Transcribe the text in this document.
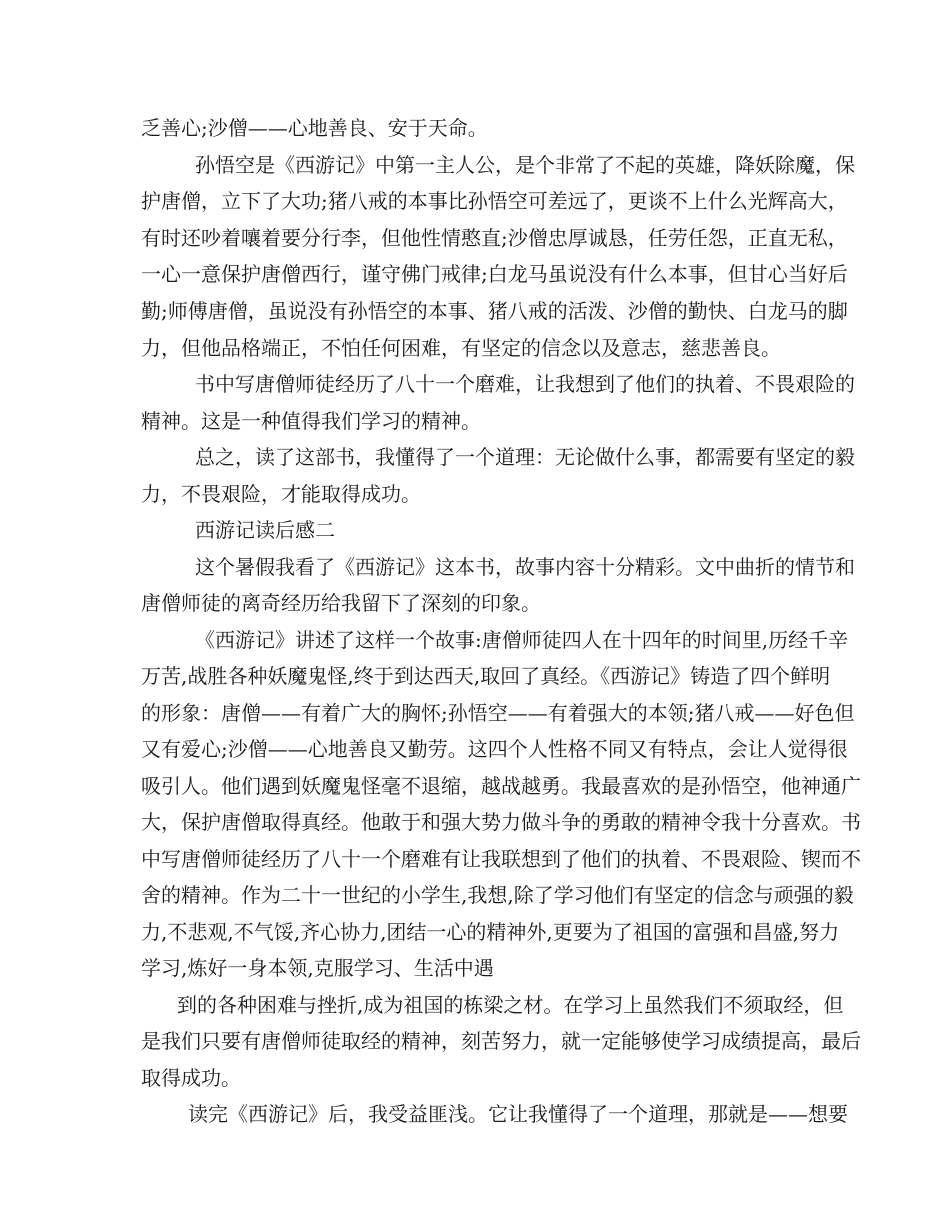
乏善心;沙僧——心地善良、安于天命。
孙悟空是《西游记》中第一主人公，是个非常了不起的英雄，降妖除魔，保
护唐僧，立下了大功;猪八戒的本事比孙悟空可差远了，更谈不上什么光辉高大，
有时还吵着嚷着要分行李，但他性情憨直;沙僧忠厚诚恳，任劳任怨，正直无私，
一心一意保护唐僧西行，谨守佛门戒律;白龙马虽说没有什么本事，但甘心当好后
勤;师傅唐僧，虽说没有孙悟空的本事、猪八戒的活泼、沙僧的勤快、白龙马的脚
力，但他品格端正，不怕任何困难，有坚定的信念以及意志，慈悲善良。
书中写唐僧师徒经历了八十一个磨难，让我想到了他们的执着、不畏艰险的
精神。这是一种值得我们学习的精神。
总之，读了这部书，我懂得了一个道理：无论做什么事，都需要有坚定的毅
力，不畏艰险，才能取得成功。
西游记读后感二
这个暑假我看了《西游记》这本书，故事内容十分精彩。文中曲折的情节和
唐僧师徒的离奇经历给我留下了深刻的印象。
《西游记》讲述了这样一个故事:唐僧师徒四人在十四年的时间里,历经千辛
万苦,战胜各种妖魔鬼怪,终于到达西天,取回了真经。《西游记》铸造了四个鲜明
的形象：唐僧——有着广大的胸怀;孙悟空——有着强大的本领;猪八戒——好色但
又有爱心;沙僧——心地善良又勤劳。这四个人性格不同又有特点，会让人觉得很
吸引人。他们遇到妖魔鬼怪毫不退缩，越战越勇。我最喜欢的是孙悟空，他神通广
大，保护唐僧取得真经。他敢于和强大势力做斗争的勇敢的精神令我十分喜欢。书
中写唐僧师徒经历了八十一个磨难有让我联想到了他们的执着、不畏艰险、锲而不
舍的精神。作为二十一世纪的小学生,我想,除了学习他们有坚定的信念与顽强的毅
力,不悲观,不气馁,齐心协力,团结一心的精神外,更要为了祖国的富强和昌盛,努力
学习,炼好一身本领,克服学习、生活中遇
到的各种困难与挫折,成为祖国的栋梁之材。在学习上虽然我们不须取经，但
是我们只要有唐僧师徒取经的精神，刻苦努力，就一定能够使学习成绩提高，最后
取得成功。
读完《西游记》后，我受益匪浅。它让我懂得了一个道理，那就是——想要
